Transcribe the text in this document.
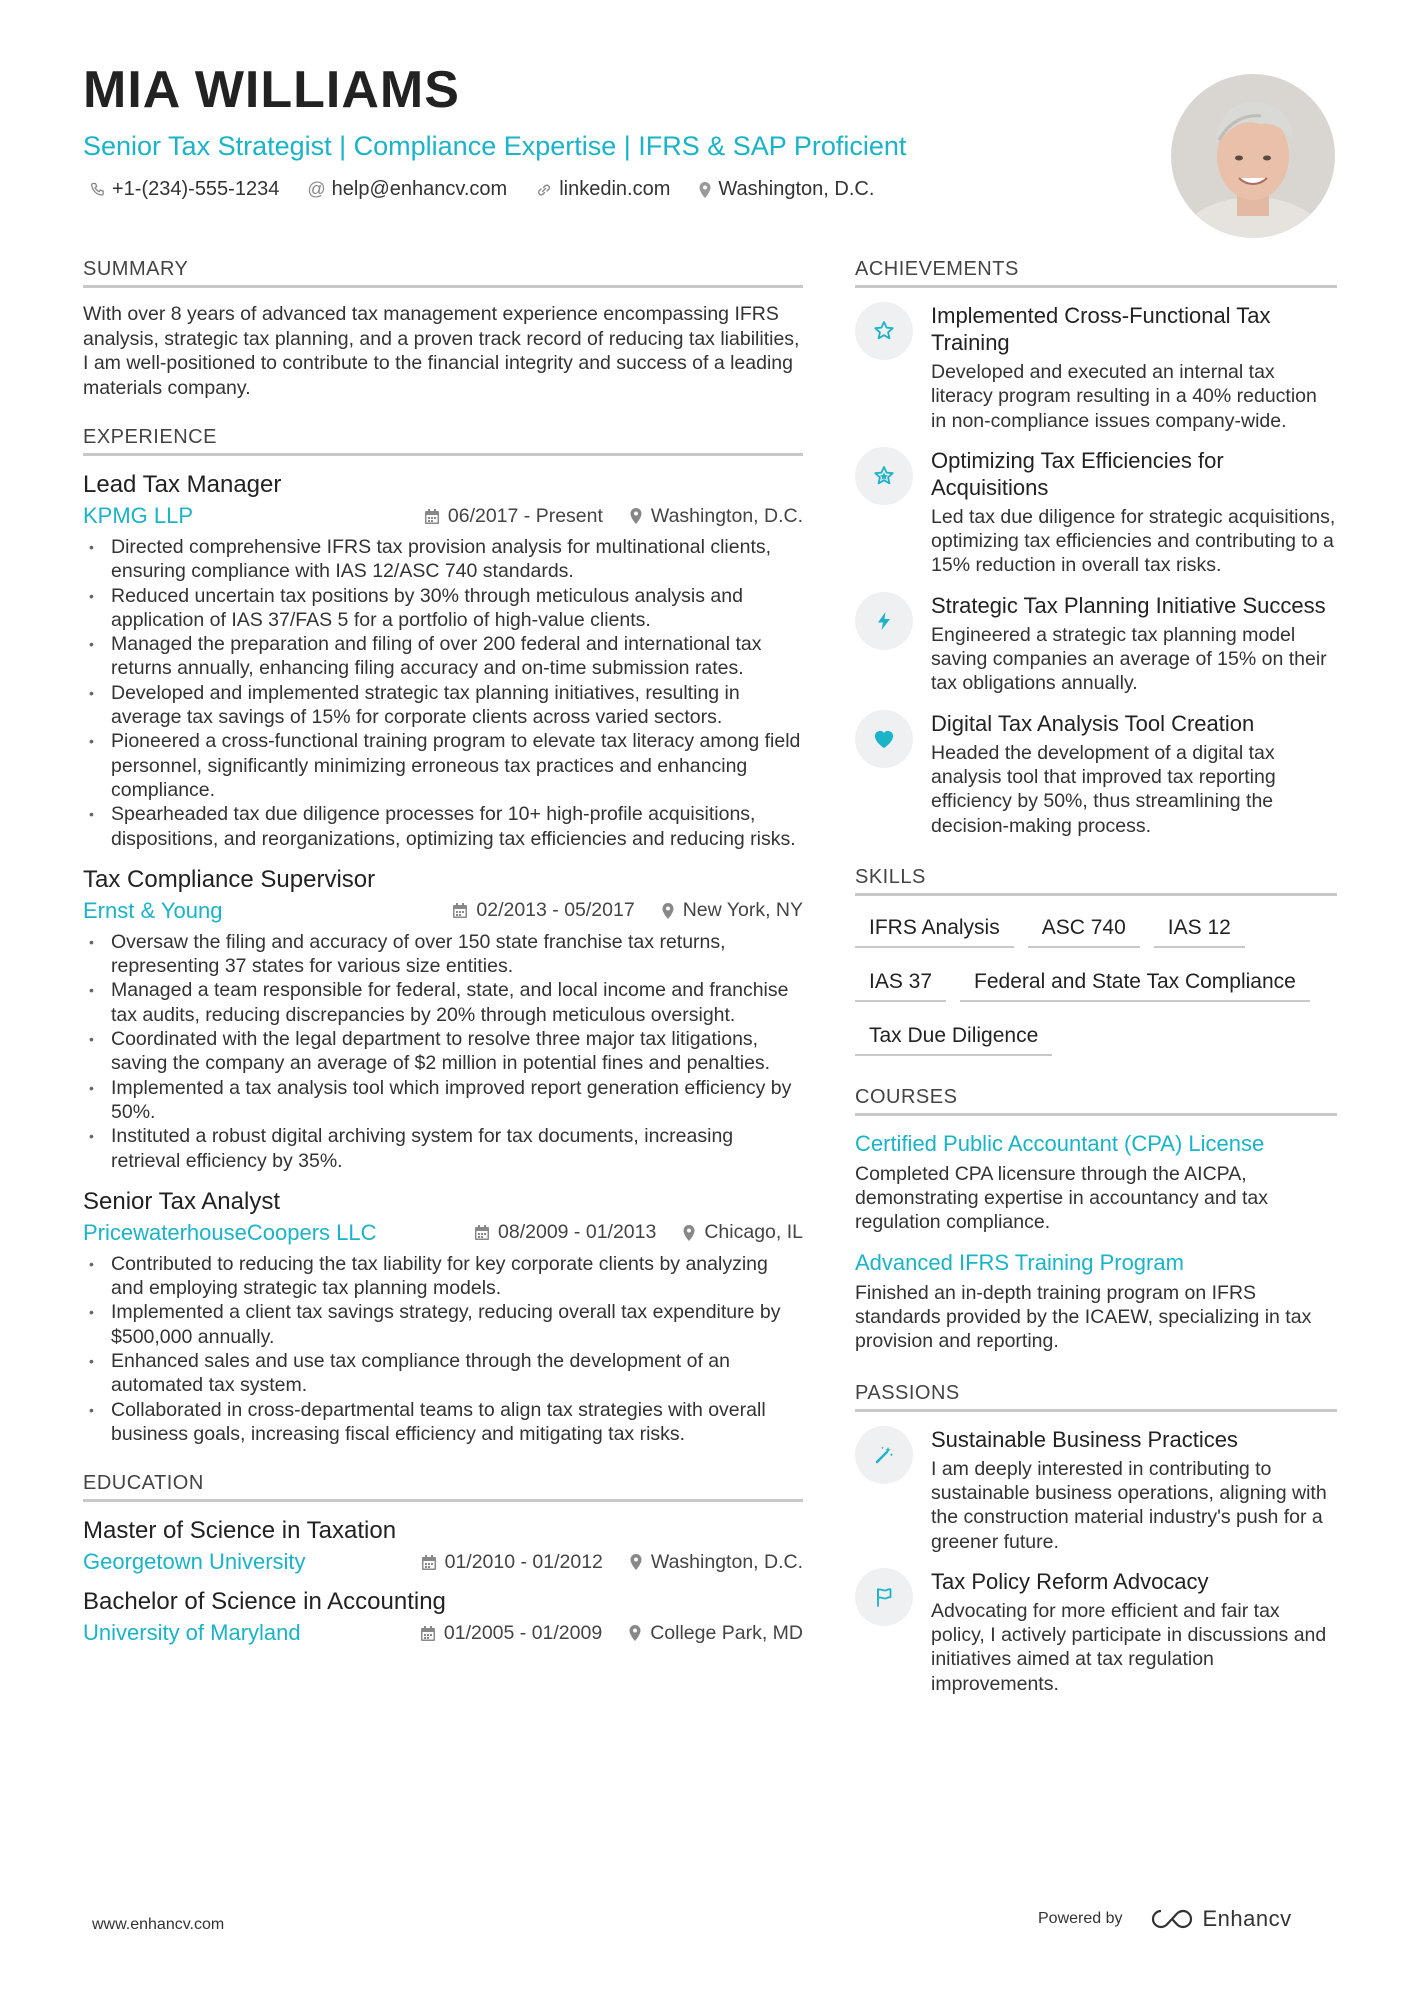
MIA WILLIAMS
Senior Tax Strategist | Compliance Expertise | IFRS & SAP Proficient
+1-(234)-555-1234 @ help@enhancv.com	linkedin.com Washington, D.C.
SUMMARY
With over 8 years of advanced tax management experience encompassing IFRS analysis, strategic tax planning, and a proven track record of reducing tax liabilities, I am well-positioned to contribute to the financial integrity and success of a leading materials company.
EXPERIENCE
Lead Tax Manager
KPMG LLP	06/2017 - Present Washington, D.C.
• Directed comprehensive IFRS tax provision analysis for multinational clients, ensuring compliance with IAS 12/ASC 740 standards.
• Reduced uncertain tax positions by 30% through meticulous analysis and application of IAS 37/FAS 5 for a portfolio of high-value clients.
• Managed the preparation and filing of over 200 federal and international tax returns annually, enhancing filing accuracy and on-time submission rates.
• Developed and implemented strategic tax planning initiatives, resulting in average tax savings of 15% for corporate clients across varied sectors.
• Pioneered a cross-functional training program to elevate tax literacy among field personnel, significantly minimizing erroneous tax practices and enhancing compliance.
• Spearheaded tax due diligence processes for 10+ high-profile acquisitions, dispositions, and reorganizations, optimizing tax efficiencies and reducing risks.
Tax Compliance Supervisor
Ernst & Young	02/2013 - 05/2017 New York, NY
• Oversaw the filing and accuracy of over 150 state franchise tax returns, representing 37 states for various size entities.
• Managed a team responsible for federal, state, and local income and franchise tax audits, reducing discrepancies by 20% through meticulous oversight.
• Coordinated with the legal department to resolve three major tax litigations, saving the company an average of $2 million in potential fines and penalties.
• Implemented a tax analysis tool which improved report generation efficiency by 50%.
• Instituted a robust digital archiving system for tax documents, increasing retrieval efficiency by 35%.
Senior Tax Analyst
PricewaterhouseCoopers LLC	08/2009 - 01/2013 Chicago, IL
• Contributed to reducing the tax liability for key corporate clients by analyzing and employing strategic tax planning models.
• Implemented a client tax savings strategy, reducing overall tax expenditure by $500,000 annually.
• Enhanced sales and use tax compliance through the development of an automated tax system.
• Collaborated in cross-departmental teams to align tax strategies with overall business goals, increasing fiscal efficiency and mitigating tax risks.
EDUCATION
Master of Science in Taxation
Georgetown University	01/2010 - 01/2012 Washington, D.C.
Bachelor of Science in Accounting
University of Maryland	01/2005 - 01/2009 College Park, MD
ACHIEVEMENTS
Implemented Cross-Functional Tax Training
Developed and executed an internal tax literacy program resulting in a 40% reduction in non-compliance issues company-wide.
Optimizing Tax Efficiencies for Acquisitions
Led tax due diligence for strategic acquisitions, optimizing tax efficiencies and contributing to a 15% reduction in overall tax risks.
Strategic Tax Planning Initiative Success
Engineered a strategic tax planning model saving companies an average of 15% on their tax obligations annually.
Digital Tax Analysis Tool Creation
Headed the development of a digital tax analysis tool that improved tax reporting efficiency by 50%, thus streamlining the decision-making process.
SKILLS
IFRS Analysis	ASC 740	IAS 12
IAS 37	Federal and State Tax Compliance
Tax Due Diligence
COURSES
Certified Public Accountant (CPA) License
Completed CPA licensure through the AICPA, demonstrating expertise in accountancy and tax regulation compliance.
Advanced IFRS Training Program
Finished an in-depth training program on IFRS standards provided by the ICAEW, specializing in tax provision and reporting.
PASSIONS
Sustainable Business Practices
I am deeply interested in contributing to sustainable business operations, aligning with the construction material industry's push for a greener future.
Tax Policy Reform Advocacy
Advocating for more efficient and fair tax policy, I actively participate in discussions and initiatives aimed at tax regulation improvements.
www.enhancv.com	Powered by	Enhancv
